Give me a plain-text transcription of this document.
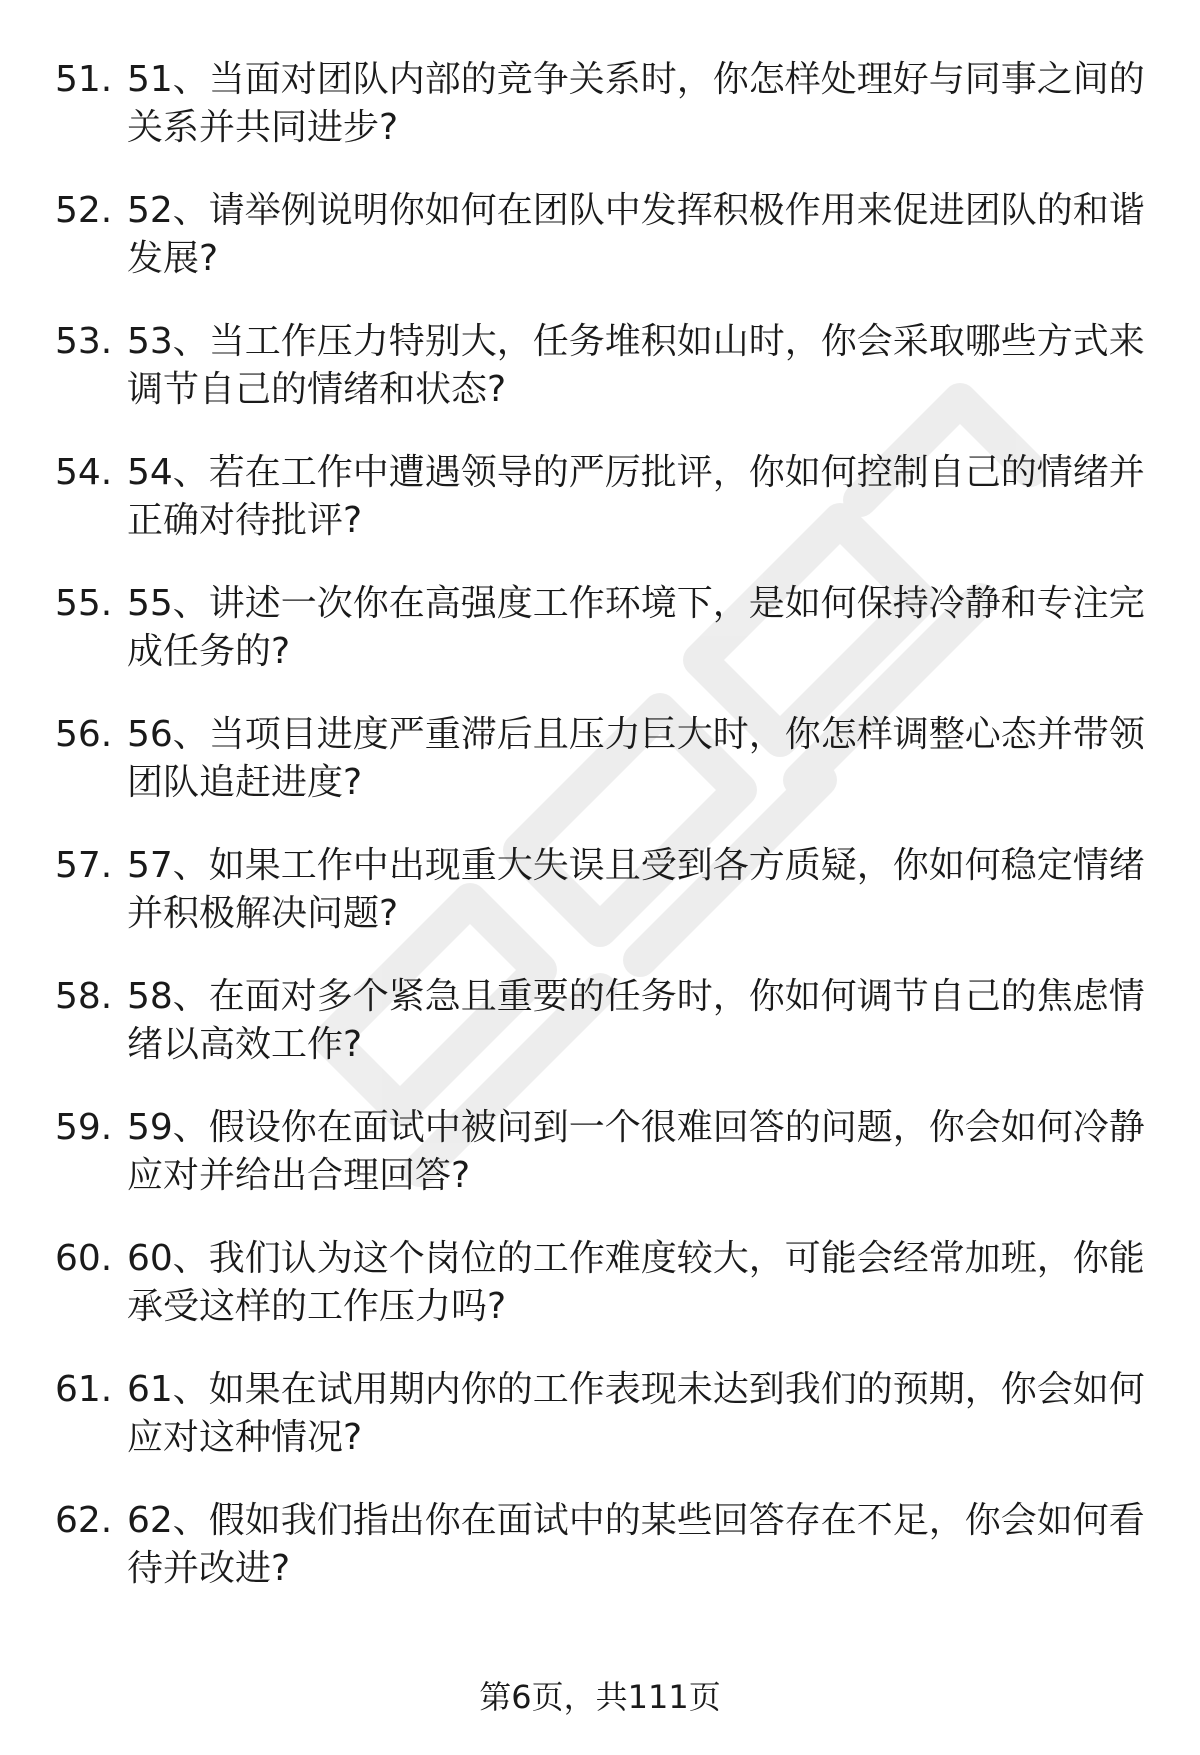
51. 51、当面对团队内部的竞争关系时，你怎样处理好与同事之间的关系并共同进步?
52. 52、请举例说明你如何在团队中发挥积极作用来促进团队的和谐发展?
53. 53、当工作压力特别大，任务堆积如山时，你会采取哪些方式来调节自己的情绪和状态?
54. 54、若在工作中遭遇领导的严厉批评，你如何控制自己的情绪并正确对待批评?
55. 55、讲述一次你在高强度工作环境下，是如何保持冷静和专注完成任务的?
56. 56、当项目进度严重滞后且压力巨大时，你怎样调整心态并带领团队追赶进度?
57. 57、如果工作中出现重大失误且受到各方质疑，你如何稳定情绪并积极解决问题?
58. 58、在面对多个紧急且重要的任务时，你如何调节自己的焦虑情绪以高效工作?
59. 59、假设你在面试中被问到一个很难回答的问题，你会如何冷静应对并给出合理回答?
60. 60、我们认为这个岗位的工作难度较大，可能会经常加班，你能承受这样的工作压力吗?
61. 61、如果在试用期内你的工作表现未达到我们的预期，你会如何应对这种情况?
62. 62、假如我们指出你在面试中的某些回答存在不足，你会如何看待并改进?
第6页，共111页
